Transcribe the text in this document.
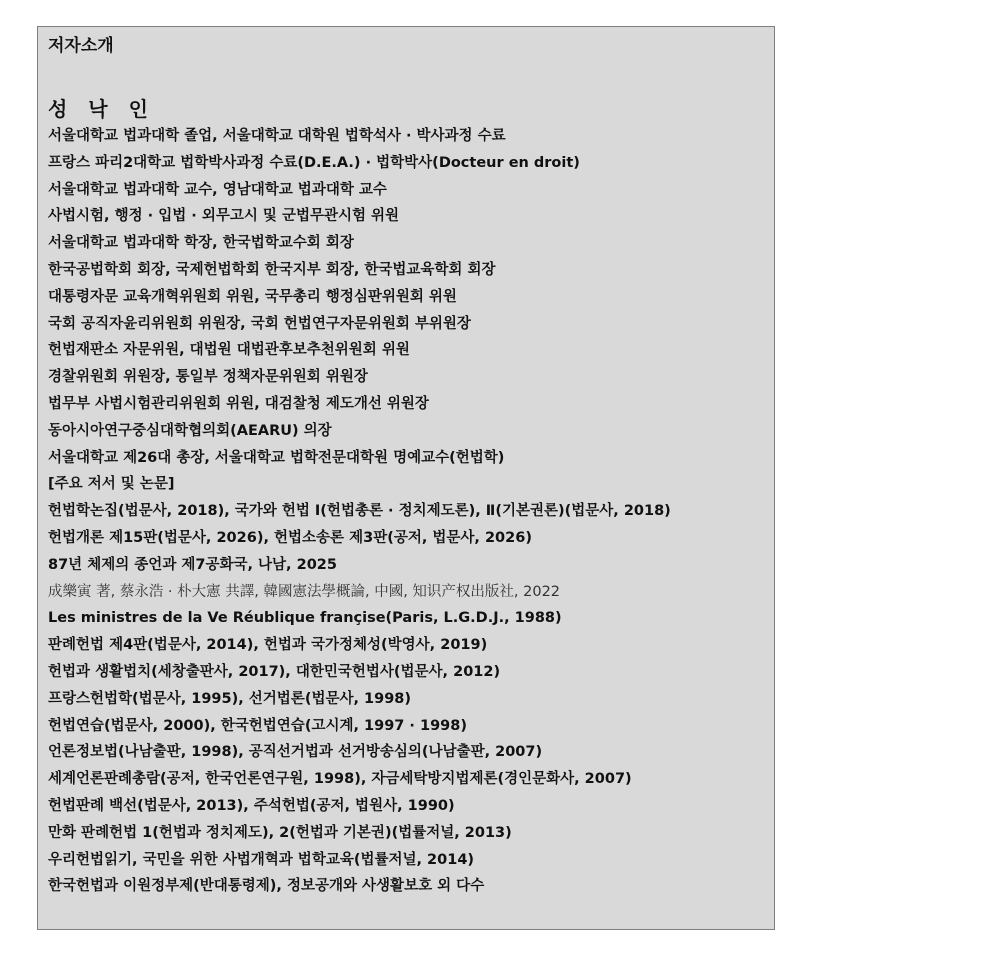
저자소개
성 낙 인
서울대학교 법과대학 졸업, 서울대학교 대학원 법학석사 · 박사과정 수료
프랑스 파리2대학교 법학박사과정 수료(D.E.A.) · 법학박사(Docteur en droit)
서울대학교 법과대학 교수, 영남대학교 법과대학 교수
사법시험, 행정 · 입법 · 외무고시 및 군법무관시험 위원
서울대학교 법과대학 학장, 한국법학교수회 회장
한국공법학회 회장, 국제헌법학회 한국지부 회장, 한국법교육학회 회장
대통령자문 교육개혁위원회 위원, 국무총리 행정심판위원회 위원
국회 공직자윤리위원회 위원장, 국회 헌법연구자문위원회 부위원장
헌법재판소 자문위원, 대법원 대법관후보추천위원회 위원
경찰위원회 위원장, 통일부 정책자문위원회 위원장
법무부 사법시험관리위원회 위원, 대검찰청 제도개선 위원장
동아시아연구중심대학협의회(AEARU) 의장
서울대학교 제26대 총장, 서울대학교 법학전문대학원 명예교수(헌법학)
[주요 저서 및 논문]
헌법학논집(법문사, 2018), 국가와 헌법 Ⅰ(헌법총론 · 정치제도론), Ⅱ(기본권론)(법문사, 2018)
헌법개론 제15판(법문사, 2026), 헌법소송론 제3판(공저, 법문사, 2026)
87년 체제의 종언과 제7공화국, 나남, 2025
成樂寅 著, 蔡永浩 · 朴大憲 共譯, 韓國憲法學概論, 中國, 知识产权出版社, 2022
Les ministres de la Ve Réublique françise(Paris, L.G.D.J., 1988)
판례헌법 제4판(법문사, 2014), 헌법과 국가정체성(박영사, 2019)
헌법과 생활법치(세창출판사, 2017), 대한민국헌법사(법문사, 2012)
프랑스헌법학(법문사, 1995), 선거법론(법문사, 1998)
헌법연습(법문사, 2000), 한국헌법연습(고시계, 1997 · 1998)
언론정보법(나남출판, 1998), 공직선거법과 선거방송심의(나남출판, 2007)
세계언론판례총람(공저, 한국언론연구원, 1998), 자금세탁방지법제론(경인문화사, 2007)
헌법판례 백선(법문사, 2013), 주석헌법(공저, 법원사, 1990)
만화 판례헌법 1(헌법과 정치제도), 2(헌법과 기본권)(법률저널, 2013)
우리헌법읽기, 국민을 위한 사법개혁과 법학교육(법률저널, 2014)
한국헌법과 이원정부제(반대통령제), 정보공개와 사생활보호 외 다수
